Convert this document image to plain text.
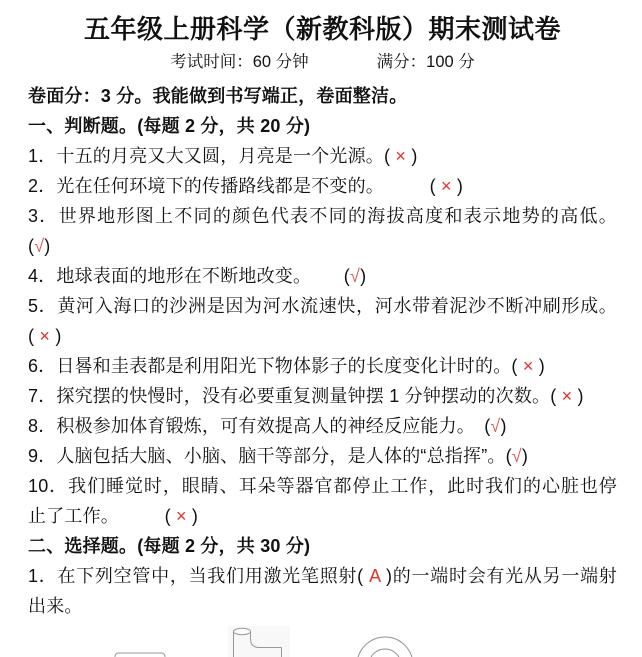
五年级上册科学（新教科版）期末测试卷
考试时间：60 分钟	满分：100 分
卷面分：3 分。我能做到书写端正，卷面整洁。
一、判断题。(每题 2 分，共 20 分)
1．十五的月亮又大又圆，月亮是一个光源。( × )
2．光在任何环境下的传播路线都是不变的。　　　( × )
3．世界地形图上不同的颜色代表不同的海拔高度和表示地势的高低。
(√)
4．地球表面的地形在不断地改变。　　 (√)
5．黄河入海口的沙洲是因为河水流速快，河水带着泥沙不断冲刷形成。
( × )
6．日晷和圭表都是利用阳光下物体影子的长度变化计时的。( × )
7．探究摆的快慢时，没有必要重复测量钟摆 1 分钟摆动的次数。( × )
8．积极参加体育锻炼，可有效提高人的神经反应能力。　(√)
9．人脑包括大脑、小脑、脑干等部分，是人体的“总指挥”。(√)
10．我们睡觉时，眼睛、耳朵等器官都停止工作，此时我们的心脏也停
止了工作。　　　( × )
二、选择题。(每题 2 分，共 30 分)
1．在下列空管中，当我们用激光笔照射( A )的一端时会有光从另一端射
出来。
